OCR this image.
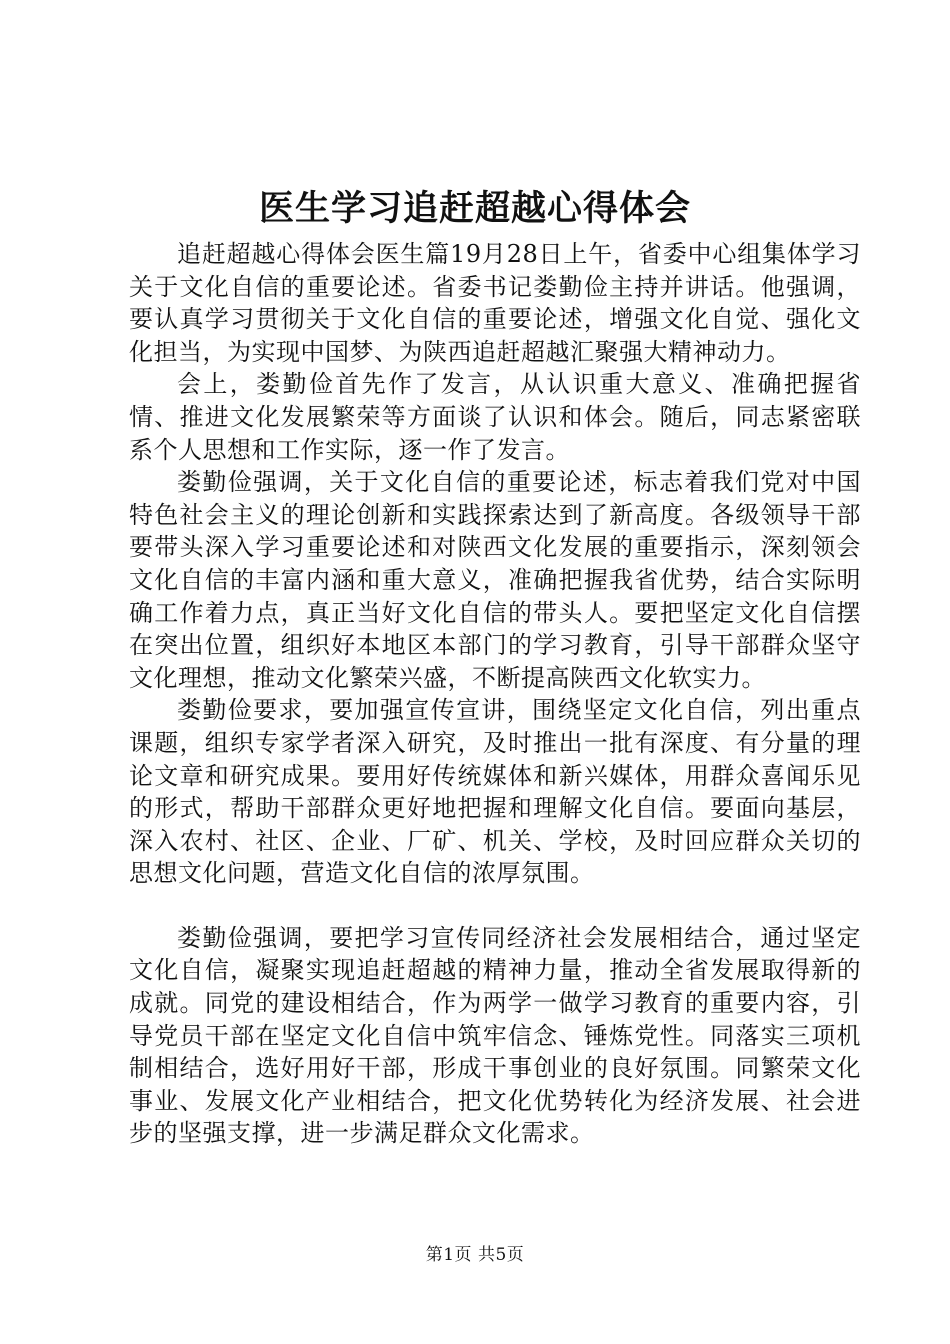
医生学习追赶超越心得体会

追赶超越心得体会医生篇19月28日上午，省委中心组集体学习关于文化自信的重要论述。省委书记娄勤俭主持并讲话。他强调，要认真学习贯彻关于文化自信的重要论述，增强文化自觉、强化文化担当，为实现中国梦、为陕西追赶超越汇聚强大精神动力。

会上，娄勤俭首先作了发言，从认识重大意义、准确把握省情、推进文化发展繁荣等方面谈了认识和体会。随后，同志紧密联系个人思想和工作实际，逐一作了发言。

娄勤俭强调，关于文化自信的重要论述，标志着我们党对中国特色社会主义的理论创新和实践探索达到了新高度。各级领导干部要带头深入学习重要论述和对陕西文化发展的重要指示，深刻领会文化自信的丰富内涵和重大意义，准确把握我省优势，结合实际明确工作着力点，真正当好文化自信的带头人。要把坚定文化自信摆在突出位置，组织好本地区本部门的学习教育，引导干部群众坚守文化理想，推动文化繁荣兴盛，不断提高陕西文化软实力。

娄勤俭要求，要加强宣传宣讲，围绕坚定文化自信，列出重点课题，组织专家学者深入研究，及时推出一批有深度、有分量的理论文章和研究成果。要用好传统媒体和新兴媒体，用群众喜闻乐见的形式，帮助干部群众更好地把握和理解文化自信。要面向基层，深入农村、社区、企业、厂矿、机关、学校，及时回应群众关切的思想文化问题，营造文化自信的浓厚氛围。

娄勤俭强调，要把学习宣传同经济社会发展相结合，通过坚定文化自信，凝聚实现追赶超越的精神力量，推动全省发展取得新的成就。同党的建设相结合，作为两学一做学习教育的重要内容，引导党员干部在坚定文化自信中筑牢信念、锤炼党性。同落实三项机制相结合，选好用好干部，形成干事创业的良好氛围。同繁荣文化事业、发展文化产业相结合，把文化优势转化为经济发展、社会进步的坚强支撑，进一步满足群众文化需求。

第1页 共5页
